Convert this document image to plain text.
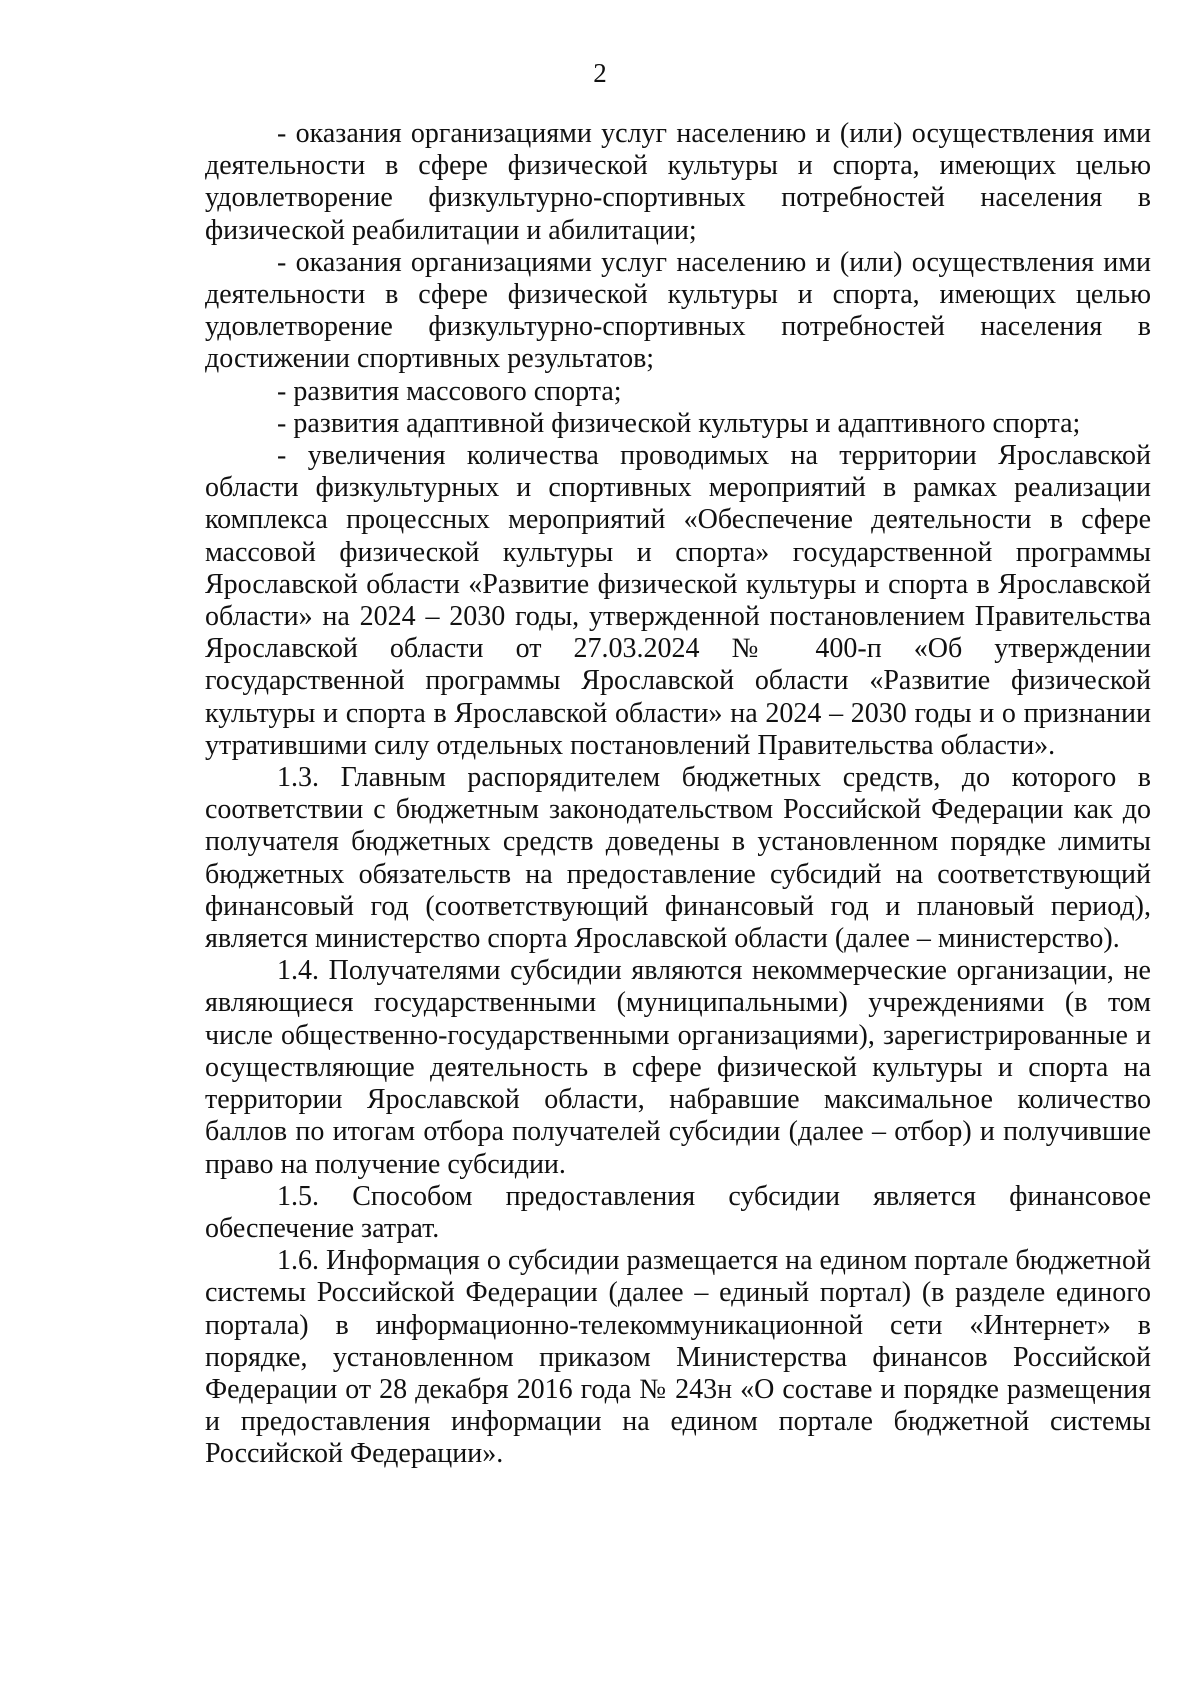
2

- оказания организациями услуг населению и (или) осуществления ими деятельности в сфере физической культуры и спорта, имеющих целью удовлетворение физкультурно-спортивных потребностей населения в физической реабилитации и абилитации;

- оказания организациями услуг населению и (или) осуществления ими деятельности в сфере физической культуры и спорта, имеющих целью удовлетворение физкультурно-спортивных потребностей населения в достижении спортивных результатов;

- развития массового спорта;

- развития адаптивной физической культуры и адаптивного спорта;

- увеличения количества проводимых на территории Ярославской области физкультурных и спортивных мероприятий в рамках реализации комплекса процессных мероприятий «Обеспечение деятельности в сфере массовой физической культуры и спорта» государственной программы Ярославской области «Развитие физической культуры и спорта в Ярославской области» на 2024 – 2030 годы, утвержденной постановлением Правительства Ярославской области от 27.03.2024 № 400-п «Об утверждении государственной программы Ярославской области «Развитие физической культуры и спорта в Ярославской области» на 2024 – 2030 годы и о признании утратившими силу отдельных постановлений Правительства области».

1.3. Главным распорядителем бюджетных средств, до которого в соответствии с бюджетным законодательством Российской Федерации как до получателя бюджетных средств доведены в установленном порядке лимиты бюджетных обязательств на предоставление субсидий на соответствующий финансовый год (соответствующий финансовый год и плановый период), является министерство спорта Ярославской области (далее – министерство).

1.4. Получателями субсидии являются некоммерческие организации, не являющиеся государственными (муниципальными) учреждениями (в том числе общественно-государственными организациями), зарегистрированные и осуществляющие деятельность в сфере физической культуры и спорта на территории Ярославской области, набравшие максимальное количество баллов по итогам отбора получателей субсидии (далее – отбор) и получившие право на получение субсидии.

1.5. Способом предоставления субсидии является финансовое обеспечение затрат.

1.6. Информация о субсидии размещается на едином портале бюджетной системы Российской Федерации (далее – единый портал) (в разделе единого портала) в информационно-телекоммуникационной сети «Интернет» в порядке, установленном приказом Министерства финансов Российской Федерации от 28 декабря 2016 года № 243н «О составе и порядке размещения и предоставления информации на едином портале бюджетной системы Российской Федерации».
